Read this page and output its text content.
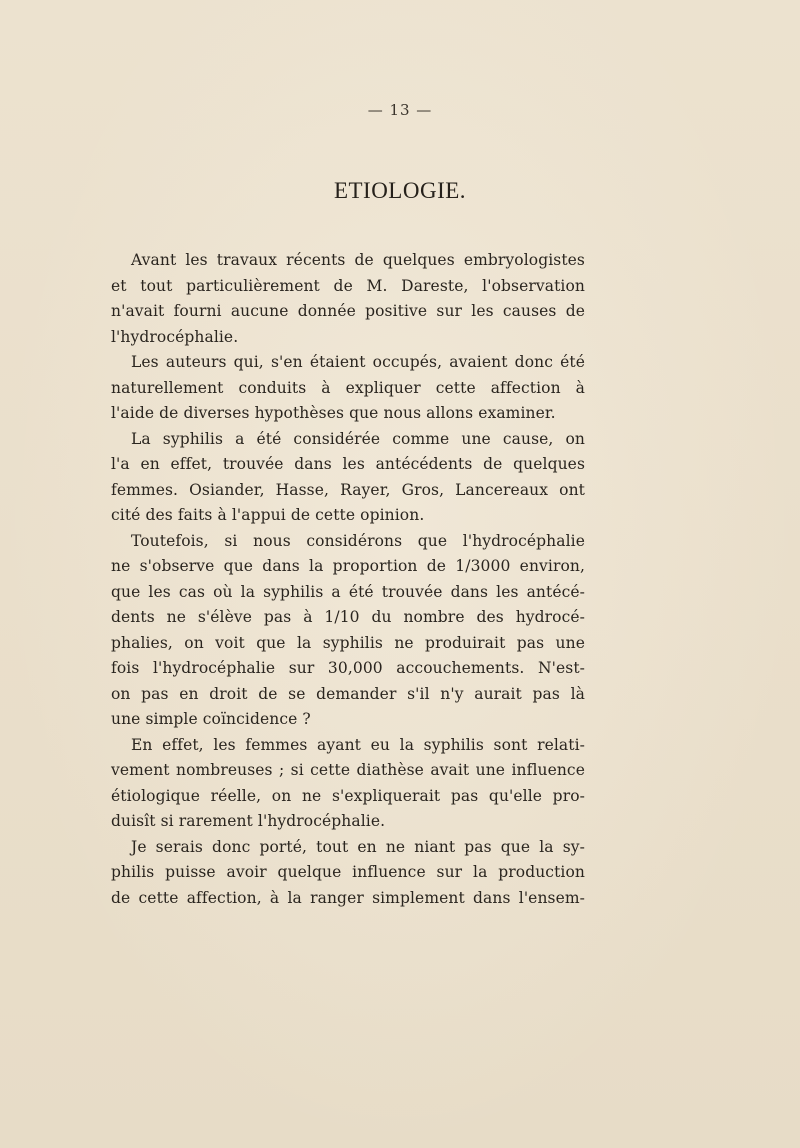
— 13 —
ETIOLOGIE.
Avant les travaux récents de quelques embryologistes
et tout particulièrement de M. Dareste, l'observation
n'avait fourni aucune donnée positive sur les causes de
l'hydrocéphalie.
Les auteurs qui, s'en étaient occupés, avaient donc été
naturellement conduits à expliquer cette affection à
l'aide de diverses hypothèses que nous allons examiner.
La syphilis a été considérée comme une cause, on
l'a en effet, trouvée dans les antécédents de quelques
femmes. Osiander, Hasse, Rayer, Gros, Lancereaux ont
cité des faits à l'appui de cette opinion.
Toutefois, si nous considérons que l'hydrocéphalie
ne s'observe que dans la proportion de 1/3000 environ,
que les cas où la syphilis a été trouvée dans les antécé-
dents ne s'élève pas à 1/10 du nombre des hydrocé-
phalies, on voit que la syphilis ne produirait pas une
fois l'hydrocéphalie sur 30,000 accouchements. N'est-
on pas en droit de se demander s'il n'y aurait pas là
une simple coïncidence ?
En effet, les femmes ayant eu la syphilis sont relati-
vement nombreuses ; si cette diathèse avait une influence
étiologique réelle, on ne s'expliquerait pas qu'elle pro-
duisît si rarement l'hydrocéphalie.
Je serais donc porté, tout en ne niant pas que la sy-
philis puisse avoir quelque influence sur la production
de cette affection, à la ranger simplement dans l'ensem-
